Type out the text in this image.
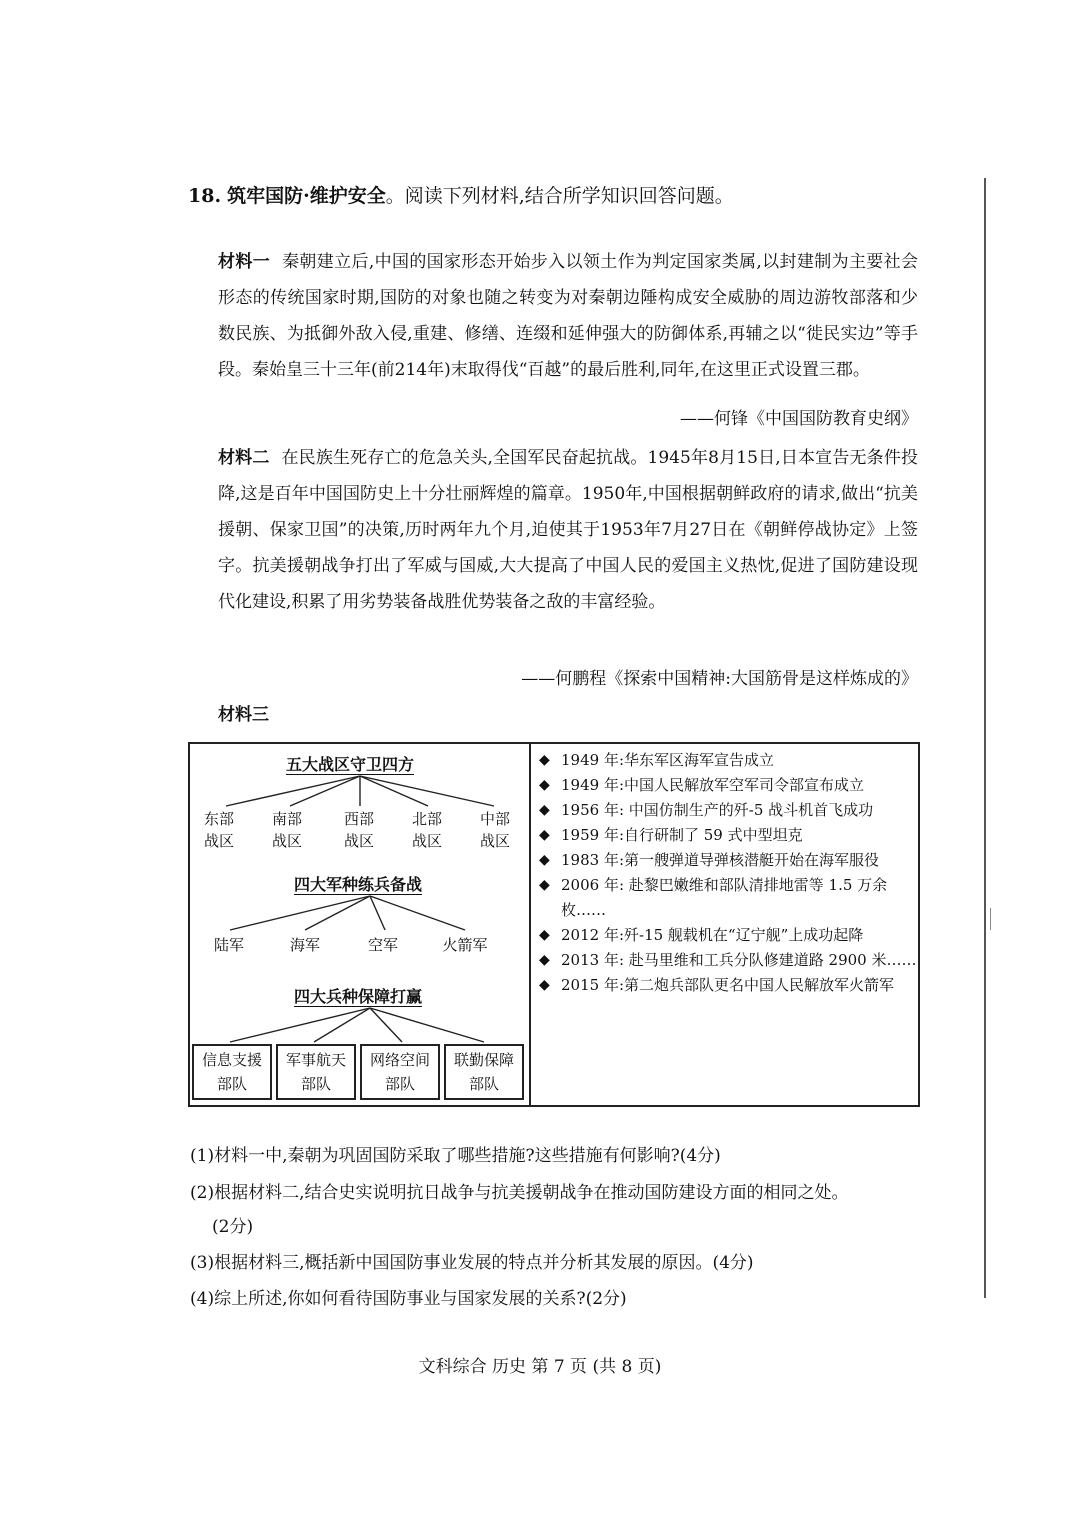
18. 筑牢国防·维护安全。阅读下列材料,结合所学知识回答问题。
材料一 秦朝建立后,中国的国家形态开始步入以领土作为判定国家类属,以封建制为主要社会形态的传统国家时期,国防的对象也随之转变为对秦朝边陲构成安全威胁的周边游牧部落和少数民族、为抵御外敌入侵,重建、修缮、连缀和延伸强大的防御体系,再辅之以“徙民实边”等手段。秦始皇三十三年(前214年)末取得伐“百越”的最后胜利,同年,在这里正式设置三郡。
——何锋《中国国防教育史纲》
材料二 在民族生死存亡的危急关头,全国军民奋起抗战。1945年8月15日,日本宣告无条件投降,这是百年中国国防史上十分壮丽辉煌的篇章。1950年,中国根据朝鲜政府的请求,做出“抗美援朝、保家卫国”的决策,历时两年九个月,迫使其于1953年7月27日在《朝鲜停战协定》上签字。抗美援朝战争打出了军威与国威,大大提高了中国人民的爱国主义热忱,促进了国防建设现代化建设,积累了用劣势装备战胜优势装备之敌的丰富经验。
——何鹏程《探索中国精神:大国筋骨是这样炼成的》
材料三
五大战区守卫四方
东部
战区
南部
战区
西部
战区
北部
战区
中部
战区
四大军种练兵备战
陆军	海军	空军	火箭军
四大兵种保障打赢
信息支援
部队
军事航天
部队
网络空间
部队
联勤保障
部队
◆ 1949 年:华东军区海军宣告成立
◆ 1949 年:中国人民解放军空军司令部宣布成立
◆ 1956 年: 中国仿制生产的歼-5 战斗机首飞成功
◆ 1959 年:自行研制了 59 式中型坦克
◆ 1983 年:第一艘弹道导弹核潜艇开始在海军服役
◆ 2006 年: 赴黎巴嫩维和部队清排地雷等 1.5 万余枚……
◆ 2012 年:歼-15 舰载机在“辽宁舰”上成功起降
◆ 2013 年: 赴马里维和工兵分队修建道路 2900 米……
◆ 2015 年:第二炮兵部队更名中国人民解放军火箭军
(1)材料一中,秦朝为巩固国防采取了哪些措施?这些措施有何影响?(4分)
(2)根据材料二,结合史实说明抗日战争与抗美援朝战争在推动国防建设方面的相同之处。
(2分)
(3)根据材料三,概括新中国国防事业发展的特点并分析其发展的原因。(4分)
(4)综上所述,你如何看待国防事业与国家发展的关系?(2分)
文科综合 历史 第 7 页 (共 8 页)
